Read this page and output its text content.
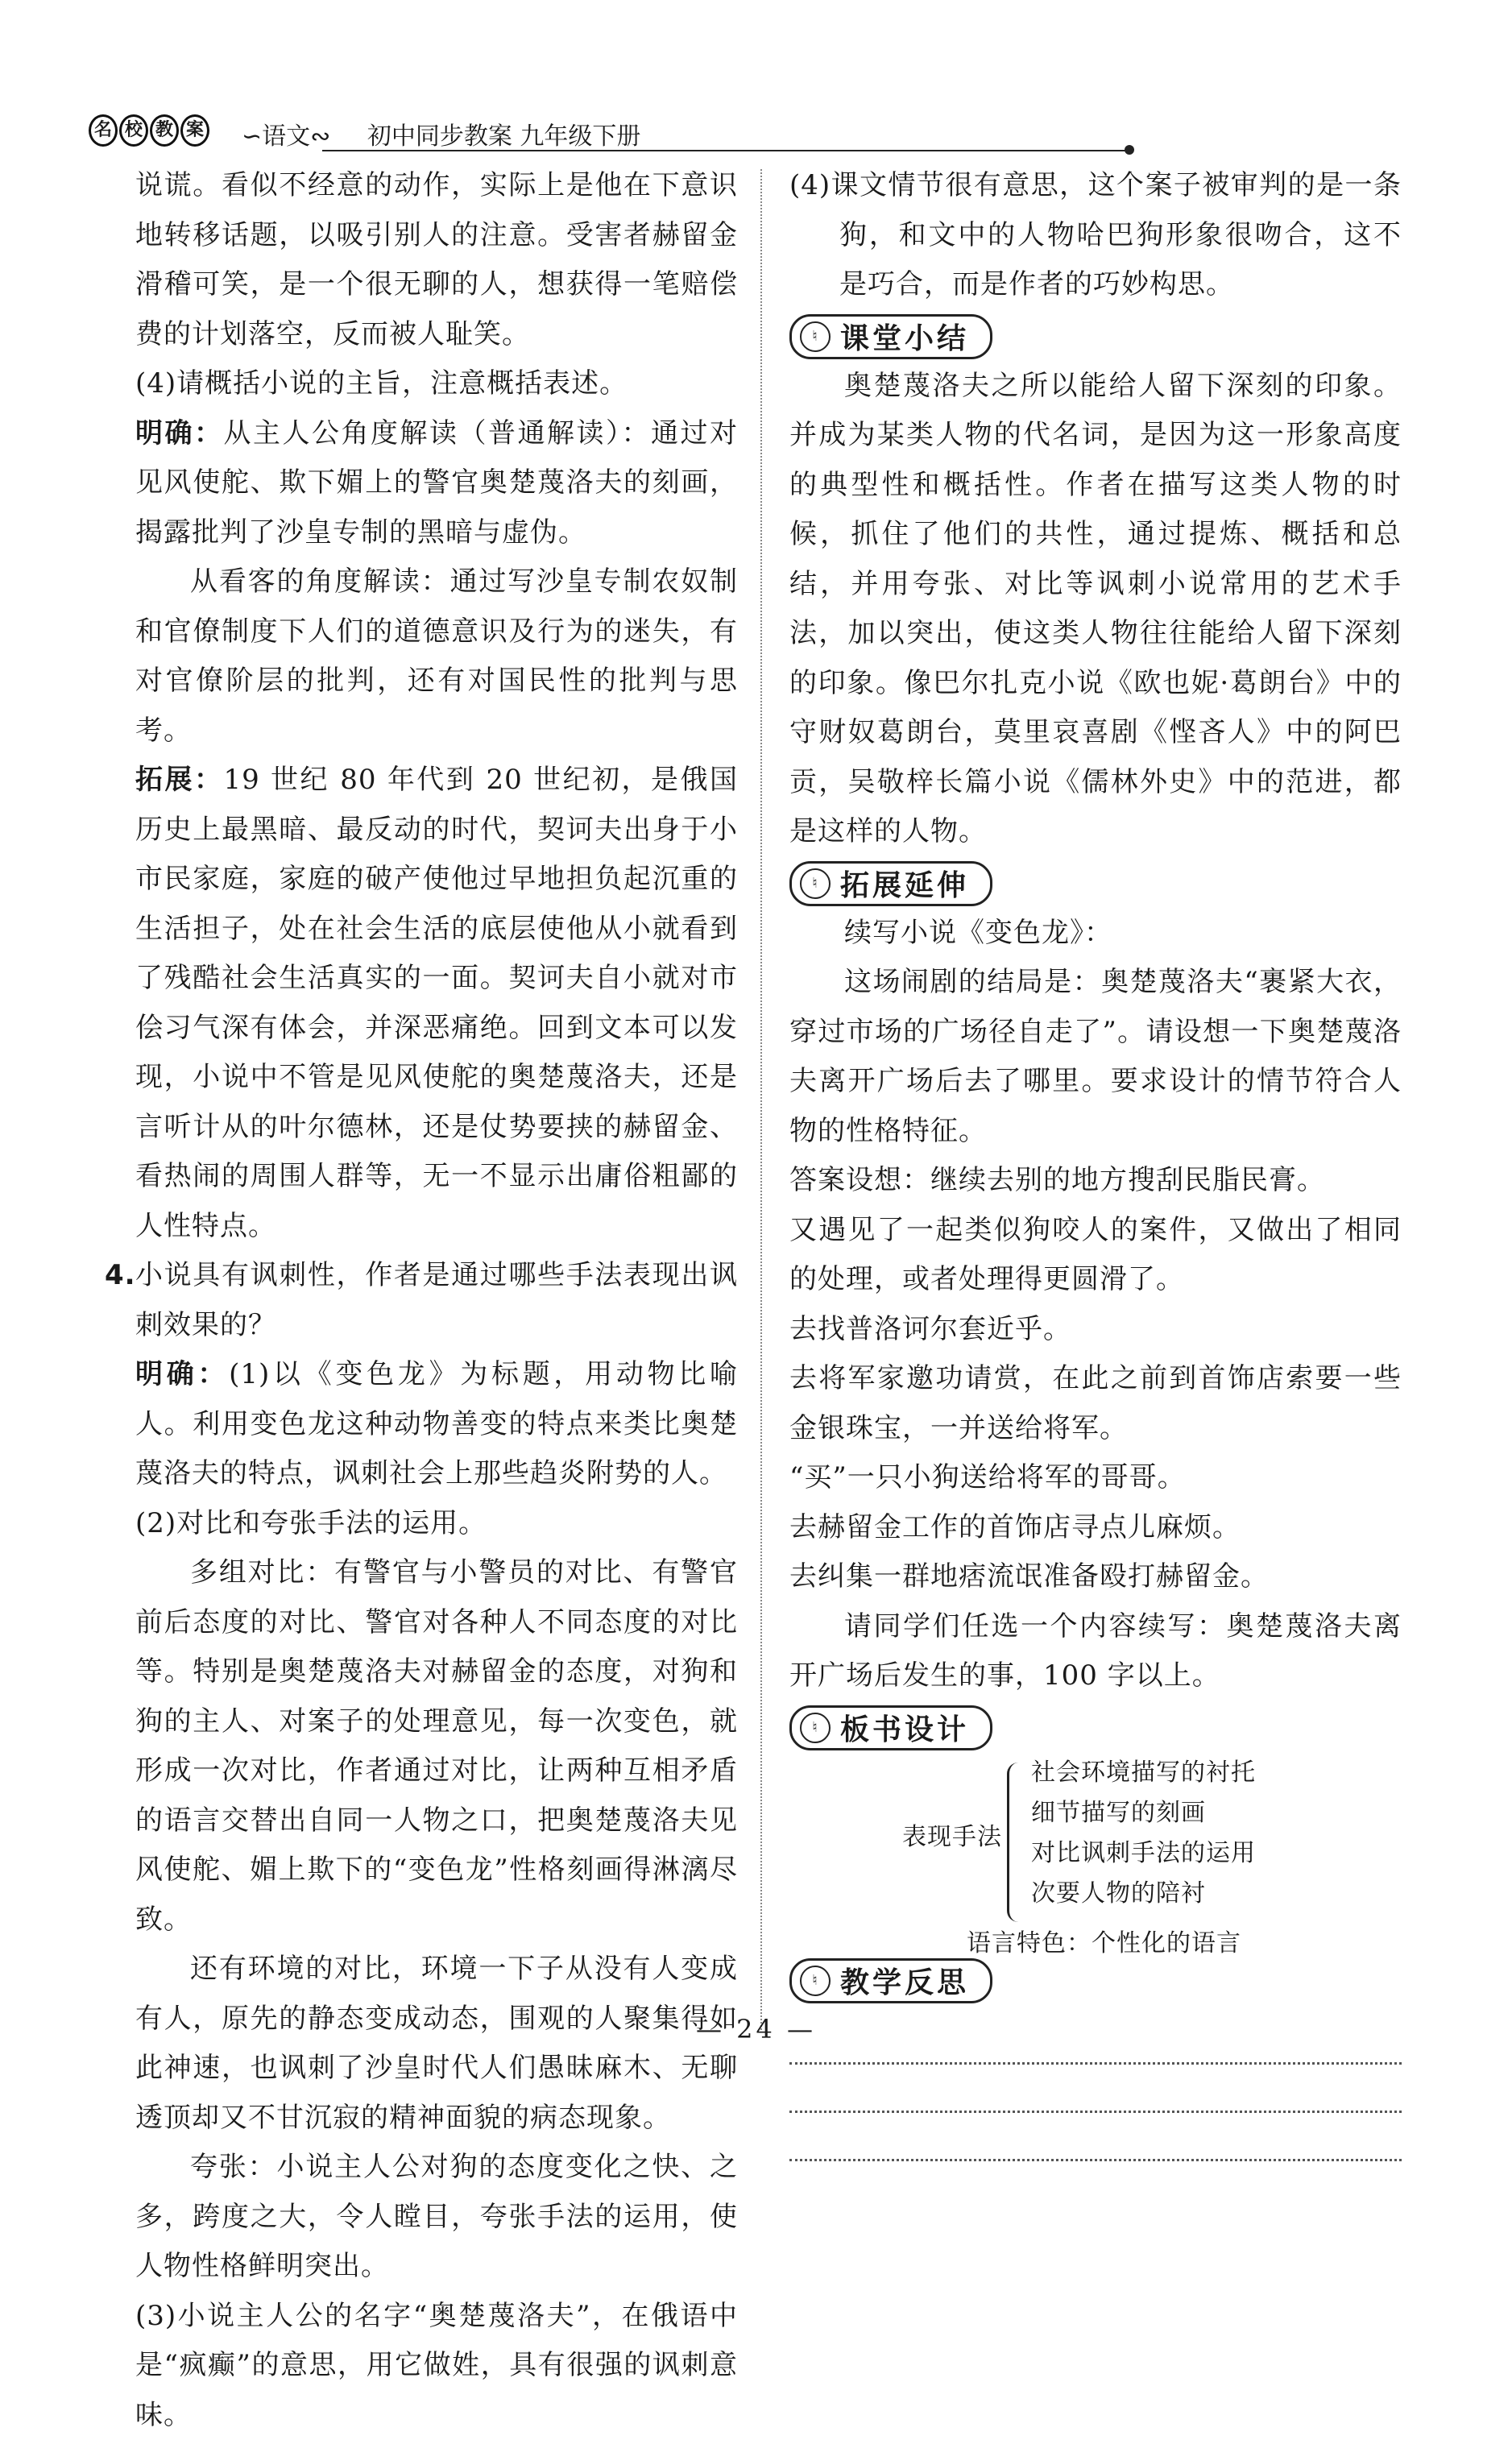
名 校 教 案 ∽语文∾ 初中同步教案 九年级下册

说谎。看似不经意的动作，实际上是他在下意识地转移话题，以吸引别人的注意。受害者赫留金滑稽可笑，是一个很无聊的人，想获得一笔赔偿费的计划落空，反而被人耻笑。

(4)请概括小说的主旨，注意概括表述。

明确：从主人公角度解读（普通解读）：通过对见风使舵、欺下媚上的警官奥楚蔑洛夫的刻画，揭露批判了沙皇专制的黑暗与虚伪。

从看客的角度解读：通过写沙皇专制农奴制和官僚制度下人们的道德意识及行为的迷失，有对官僚阶层的批判，还有对国民性的批判与思考。

拓展：19 世纪 80 年代到 20 世纪初，是俄国历史上最黑暗、最反动的时代，契诃夫出身于小市民家庭，家庭的破产使他过早地担负起沉重的生活担子，处在社会生活的底层使他从小就看到了残酷社会生活真实的一面。契诃夫自小就对市侩习气深有体会，并深恶痛绝。回到文本可以发现，小说中不管是见风使舵的奥楚蔑洛夫，还是言听计从的叶尔德林，还是仗势要挟的赫留金、看热闹的周围人群等，无一不显示出庸俗粗鄙的人性特点。

4. 小说具有讽刺性，作者是通过哪些手法表现出讽刺效果的？

明确：(1)以《变色龙》为标题，用动物比喻人。利用变色龙这种动物善变的特点来类比奥楚蔑洛夫的特点，讽刺社会上那些趋炎附势的人。

(2)对比和夸张手法的运用。

多组对比：有警官与小警员的对比、有警官前后态度的对比、警官对各种人不同态度的对比等。特别是奥楚蔑洛夫对赫留金的态度，对狗和狗的主人、对案子的处理意见，每一次变色，就形成一次对比，作者通过对比，让两种互相矛盾的语言交替出自同一人物之口，把奥楚蔑洛夫见风使舵、媚上欺下的“变色龙”性格刻画得淋漓尽致。

还有环境的对比，环境一下子从没有人变成有人，原先的静态变成动态，围观的人聚集得如此神速，也讽刺了沙皇时代人们愚昧麻木、无聊透顶却又不甘沉寂的精神面貌的病态现象。

夸张：小说主人公对狗的态度变化之快、之多，跨度之大，令人瞠目，夸张手法的运用，使人物性格鲜明突出。

(3)小说主人公的名字“奥楚蔑洛夫”，在俄语中是“疯癫”的意思，用它做姓，具有很强的讽刺意味。

(4)课文情节很有意思，这个案子被审判的是一条狗，和文中的人物哈巴狗形象很吻合，这不是巧合，而是作者的巧妙构思。

♮ 课堂小结

奥楚蔑洛夫之所以能给人留下深刻的印象。并成为某类人物的代名词，是因为这一形象高度的典型性和概括性。作者在描写这类人物的时候，抓住了他们的共性，通过提炼、概括和总结，并用夸张、对比等讽刺小说常用的艺术手法，加以突出，使这类人物往往能给人留下深刻的印象。像巴尔扎克小说《欧也妮·葛朗台》中的守财奴葛朗台，莫里哀喜剧《悭吝人》中的阿巴贡，吴敬梓长篇小说《儒林外史》中的范进，都是这样的人物。

♮ 拓展延伸

续写小说《变色龙》：

这场闹剧的结局是：奥楚蔑洛夫“裹紧大衣，穿过市场的广场径自走了”。请设想一下奥楚蔑洛夫离开广场后去了哪里。要求设计的情节符合人物的性格特征。

答案设想：继续去别的地方搜刮民脂民膏。

又遇见了一起类似狗咬人的案件，又做出了相同的处理，或者处理得更圆滑了。

去找普洛诃尔套近乎。

去将军家邀功请赏，在此之前到首饰店索要一些金银珠宝，一并送给将军。

“买”一只小狗送给将军的哥哥。

去赫留金工作的首饰店寻点儿麻烦。

去纠集一群地痞流氓准备殴打赫留金。

请同学们任选一个内容续写：奥楚蔑洛夫离开广场后发生的事，100 字以上。

♮ 板书设计
表现手法
社会环境描写的衬托
细节描写的刻画
对比讽刺手法的运用
次要人物的陪衬
语言特色：个性化的语言
♮ 教学反思
— 24 —
